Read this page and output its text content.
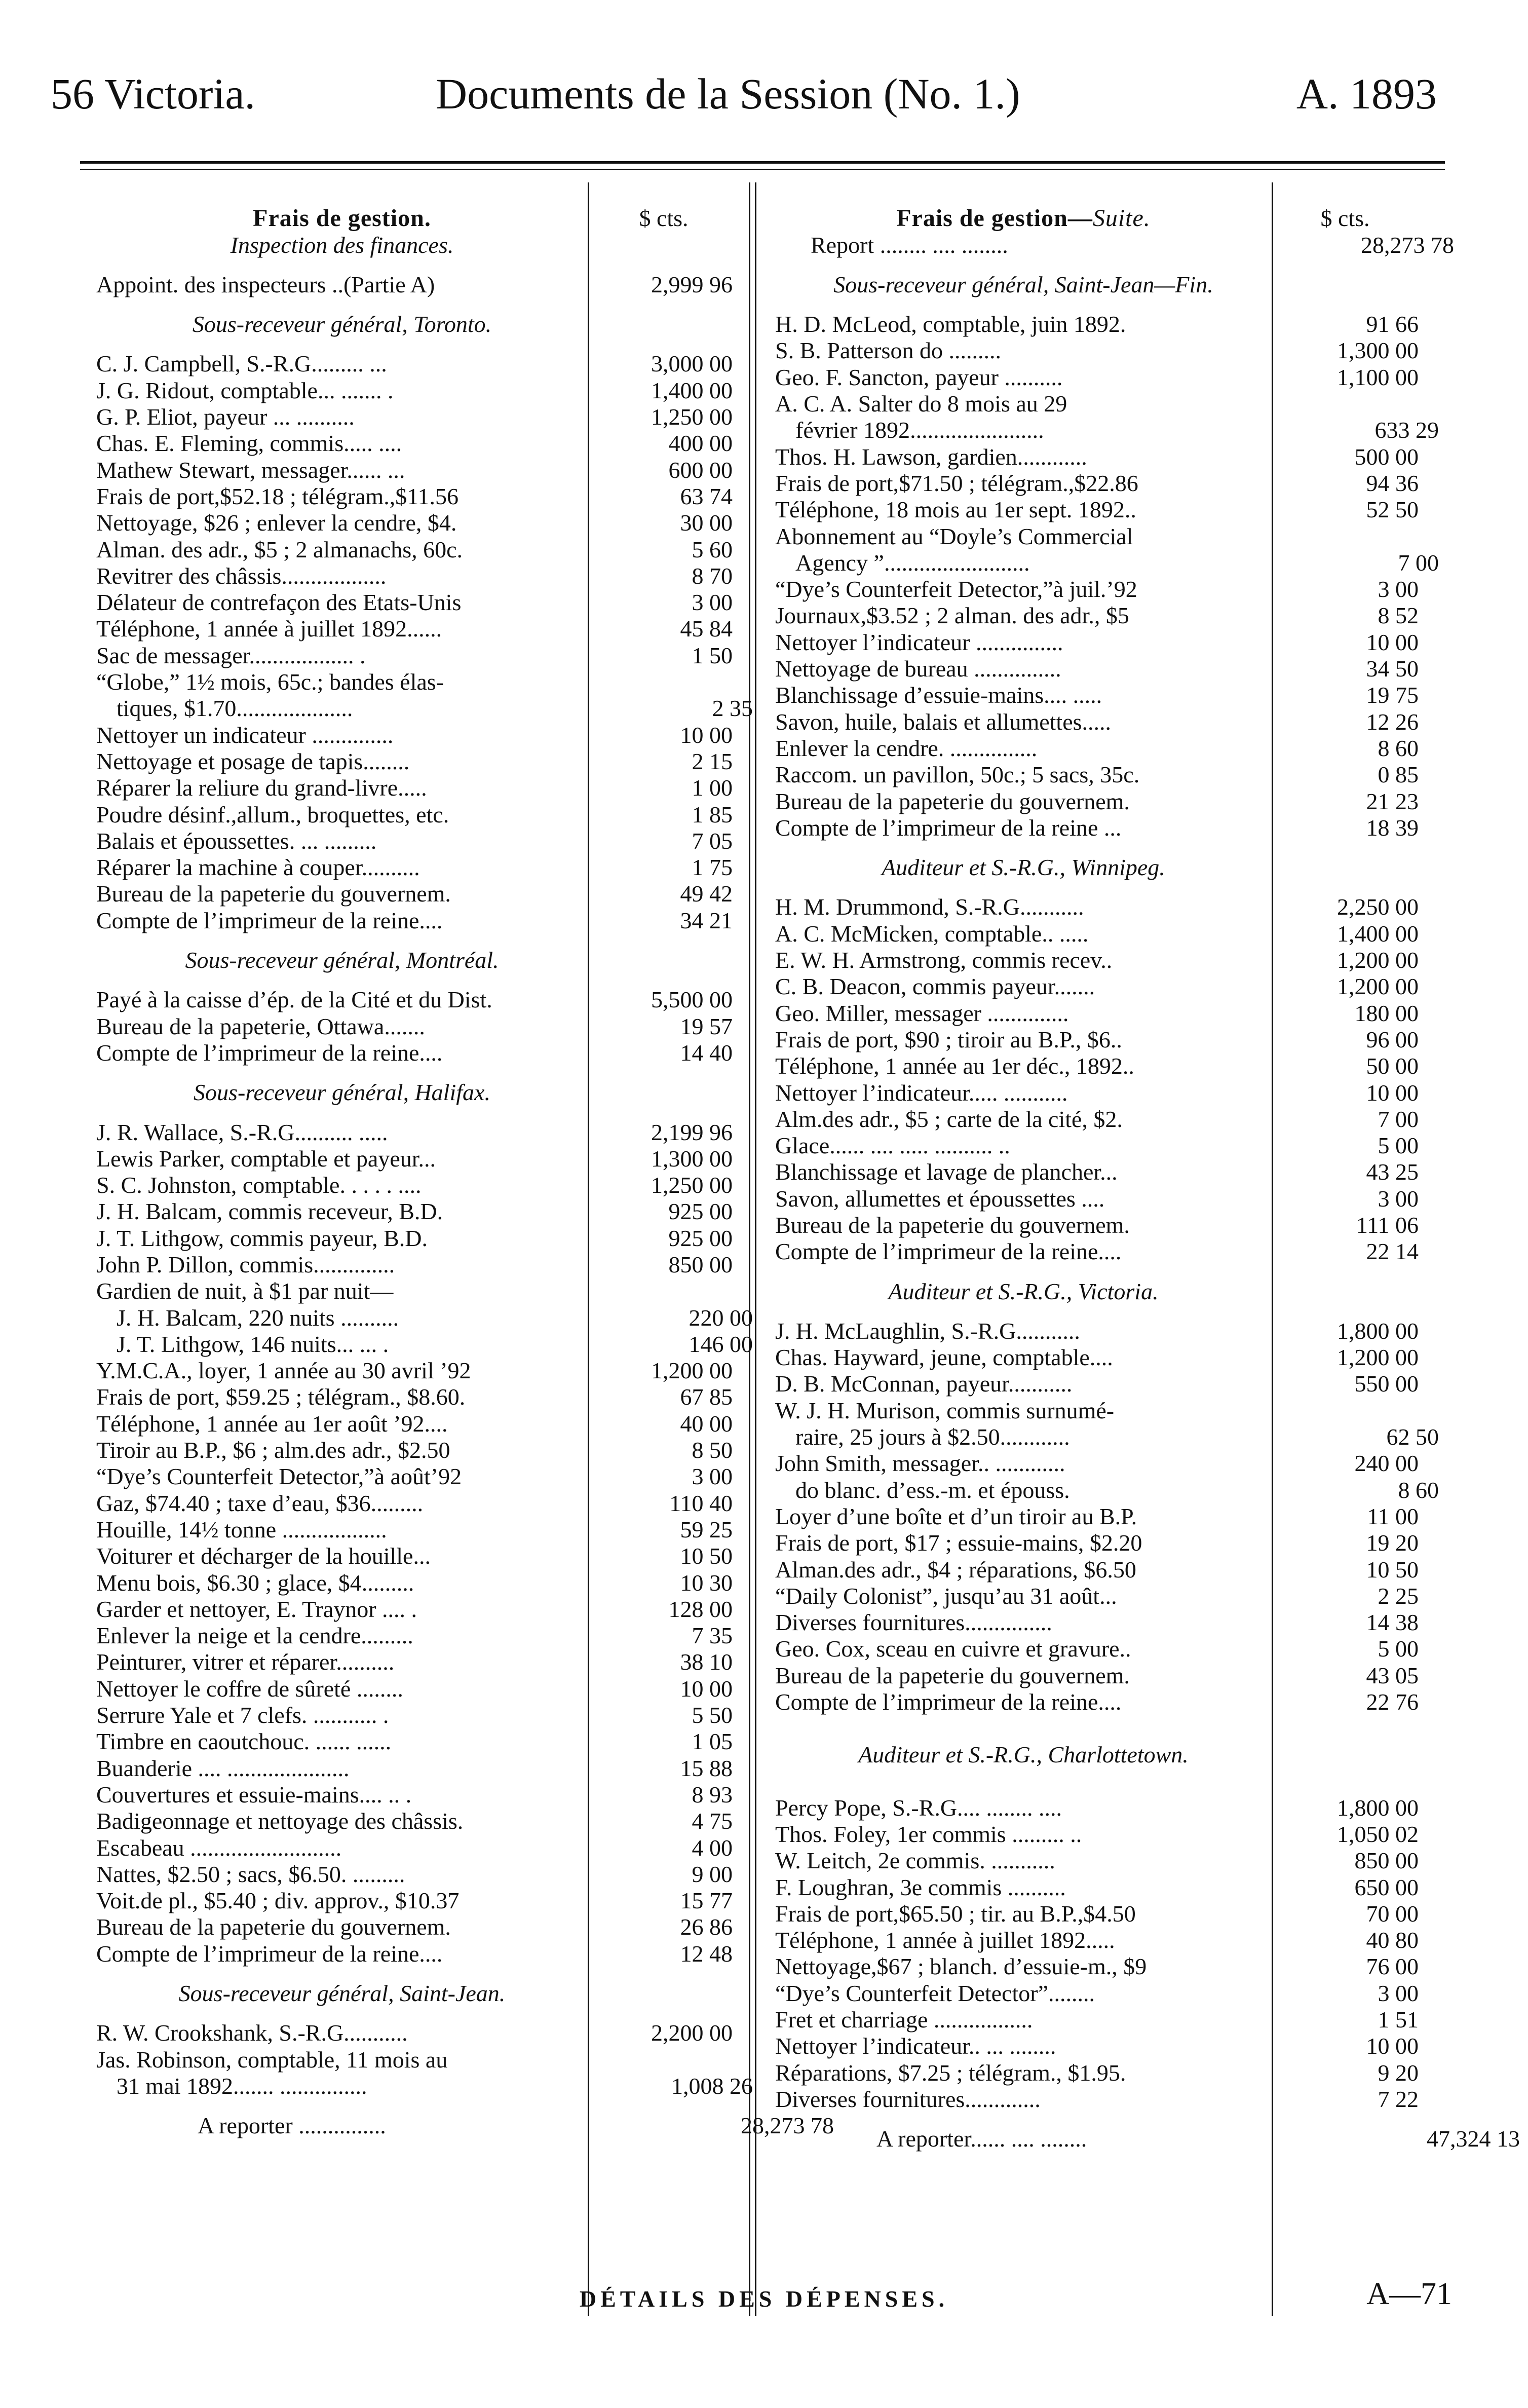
56 Victoria.	Documents de la Session (No. 1.)	A. 1893
Frais de gestion.	$ cts.
Inspection des finances.
Appoint. des inspecteurs ..(Partie A)	2,999 96
Sous-receveur général, Toronto.
C. J. Campbell, S.-R.G......... ...	3,000 00
J. G. Ridout, comptable... ....... .	1,400 00
G. P. Eliot, payeur ... ..........	1,250 00
Chas. E. Fleming, commis..... ....	400 00
Mathew Stewart, messager...... ...	600 00
Frais de port,$52.18 ; télégram.,$11.56	63 74
Nettoyage, $26 ; enlever la cendre, $4.	30 00
Alman. des adr., $5 ; 2 almanachs, 60c.	5 60
Revitrer des châssis..................	8 70
Délateur de contrefaçon des Etats-Unis	3 00
Téléphone, 1 année à juillet 1892......	45 84
Sac de messager.................. .	1 50
“Globe,” 1½ mois, 65c.; bandes élas-
tiques, $1.70....................	2 35
Nettoyer un indicateur ..............	10 00
Nettoyage et posage de tapis........	2 15
Réparer la reliure du grand-livre.....	1 00
Poudre désinf.,allum., broquettes, etc.	1 85
Balais et époussettes. ... .........	7 05
Réparer la machine à couper..........	1 75
Bureau de la papeterie du gouvernem.	49 42
Compte de l’imprimeur de la reine....	34 21
Sous-receveur général, Montréal.
Payé à la caisse d’ép. de la Cité et du Dist.	5,500 00
Bureau de la papeterie, Ottawa.......	19 57
Compte de l’imprimeur de la reine....	14 40
Sous-receveur général, Halifax.
J. R. Wallace, S.-R.G.......... .....	2,199 96
Lewis Parker, comptable et payeur...	1,300 00
S. C. Johnston, comptable. . . . . ....	1,250 00
J. H. Balcam, commis receveur, B.D.	925 00
J. T. Lithgow, commis payeur, B.D.	925 00
John P. Dillon, commis..............	850 00
Gardien de nuit, à $1 par nuit—
J. H. Balcam, 220 nuits ..........	220 00
J. T. Lithgow, 146 nuits... ... .	146 00
Y.M.C.A., loyer, 1 année au 30 avril ’92	1,200 00
Frais de port, $59.25 ; télégram., $8.60.	67 85
Téléphone, 1 année au 1er août ’92....	40 00
Tiroir au B.P., $6 ; alm.des adr., $2.50	8 50
“Dye’s Counterfeit Detector,”à août’92	3 00
Gaz, $74.40 ; taxe d’eau, $36.........	110 40
Houille, 14½ tonne ..................	59 25
Voiturer et décharger de la houille...	10 50
Menu bois, $6.30 ; glace, $4.........	10 30
Garder et nettoyer, E. Traynor .... .	128 00
Enlever la neige et la cendre.........	7 35
Peinturer, vitrer et réparer..........	38 10
Nettoyer le coffre de sûreté ........	10 00
Serrure Yale et 7 clefs. ........... .	5 50
Timbre en caoutchouc. ...... ......	1 05
Buanderie .... .....................	15 88
Couvertures et essuie-mains.... .. .	8 93
Badigeonnage et nettoyage des châssis.	4 75
Escabeau ..........................	4 00
Nattes, $2.50 ; sacs, $6.50. .........	9 00
Voit.de pl., $5.40 ; div. approv., $10.37	15 77
Bureau de la papeterie du gouvernem.	26 86
Compte de l’imprimeur de la reine....	12 48
Sous-receveur général, Saint-Jean.
R. W. Crookshank, S.-R.G...........	2,200 00
Jas. Robinson, comptable, 11 mois au
31 mai 1892....... ...............	1,008 26
A reporter ...............	28,273 78
Frais de gestion—Suite.	$ cts.
Report ........ .... ........	28,273 78
Sous-receveur général, Saint-Jean—Fin.
H. D. McLeod, comptable, juin 1892.	91 66
S. B. Patterson do .........	1,300 00
Geo. F. Sancton, payeur ..........	1,100 00
A. C. A. Salter do 8 mois au 29
février 1892.......................	633 29
Thos. H. Lawson, gardien............	500 00
Frais de port,$71.50 ; télégram.,$22.86	94 36
Téléphone, 18 mois au 1er sept. 1892..	52 50
Abonnement au “Doyle’s Commercial
Agency ”.........................	7 00
“Dye’s Counterfeit Detector,”à juil.’92	3 00
Journaux,$3.52 ; 2 alman. des adr., $5	8 52
Nettoyer l’indicateur ...............	10 00
Nettoyage de bureau ...............	34 50
Blanchissage d’essuie-mains.... .....	19 75
Savon, huile, balais et allumettes.....	12 26
Enlever la cendre. ...............	8 60
Raccom. un pavillon, 50c.; 5 sacs, 35c.	0 85
Bureau de la papeterie du gouvernem.	21 23
Compte de l’imprimeur de la reine ...	18 39
Auditeur et S.-R.G., Winnipeg.
H. M. Drummond, S.-R.G...........	2,250 00
A. C. McMicken, comptable.. .....	1,400 00
E. W. H. Armstrong, commis recev..	1,200 00
C. B. Deacon, commis payeur.......	1,200 00
Geo. Miller, messager ..............	180 00
Frais de port, $90 ; tiroir au B.P., $6..	96 00
Téléphone, 1 année au 1er déc., 1892..	50 00
Nettoyer l’indicateur..... ...........	10 00
Alm.des adr., $5 ; carte de la cité, $2.	7 00
Glace...... .... ..... .......... ..	5 00
Blanchissage et lavage de plancher...	43 25
Savon, allumettes et époussettes ....	3 00
Bureau de la papeterie du gouvernem.	111 06
Compte de l’imprimeur de la reine....	22 14
Auditeur et S.-R.G., Victoria.
J. H. McLaughlin, S.-R.G...........	1,800 00
Chas. Hayward, jeune, comptable....	1,200 00
D. B. McConnan, payeur...........	550 00
W. J. H. Murison, commis surnumé-
raire, 25 jours à $2.50............	62 50
John Smith, messager.. ............	240 00
do blanc. d’ess.-m. et épouss.	8 60
Loyer d’une boîte et d’un tiroir au B.P.	11 00
Frais de port, $17 ; essuie-mains, $2.20	19 20
Alman.des adr., $4 ; réparations, $6.50	10 50
“Daily Colonist”, jusqu’au 31 août...	2 25
Diverses fournitures...............	14 38
Geo. Cox, sceau en cuivre et gravure..	5 00
Bureau de la papeterie du gouvernem.	43 05
Compte de l’imprimeur de la reine....	22 76
Auditeur et S.-R.G., Charlottetown.
Percy Pope, S.-R.G.... ........ ....	1,800 00
Thos. Foley, 1er commis ......... ..	1,050 02
W. Leitch, 2e commis. ...........	850 00
F. Loughran, 3e commis ..........	650 00
Frais de port,$65.50 ; tir. au B.P.,$4.50	70 00
Téléphone, 1 année à juillet 1892.....	40 80
Nettoyage,$67 ; blanch. d’essuie-m., $9	76 00
“Dye’s Counterfeit Detector”........	3 00
Fret et charriage .................	1 51
Nettoyer l’indicateur.. ... ........	10 00
Réparations, $7.25 ; télégram., $1.95.	9 20
Diverses fournitures.............	7 22
A reporter...... .... ........	47,324 13
DÉTAILS DES DÉPENSES.	A—71
